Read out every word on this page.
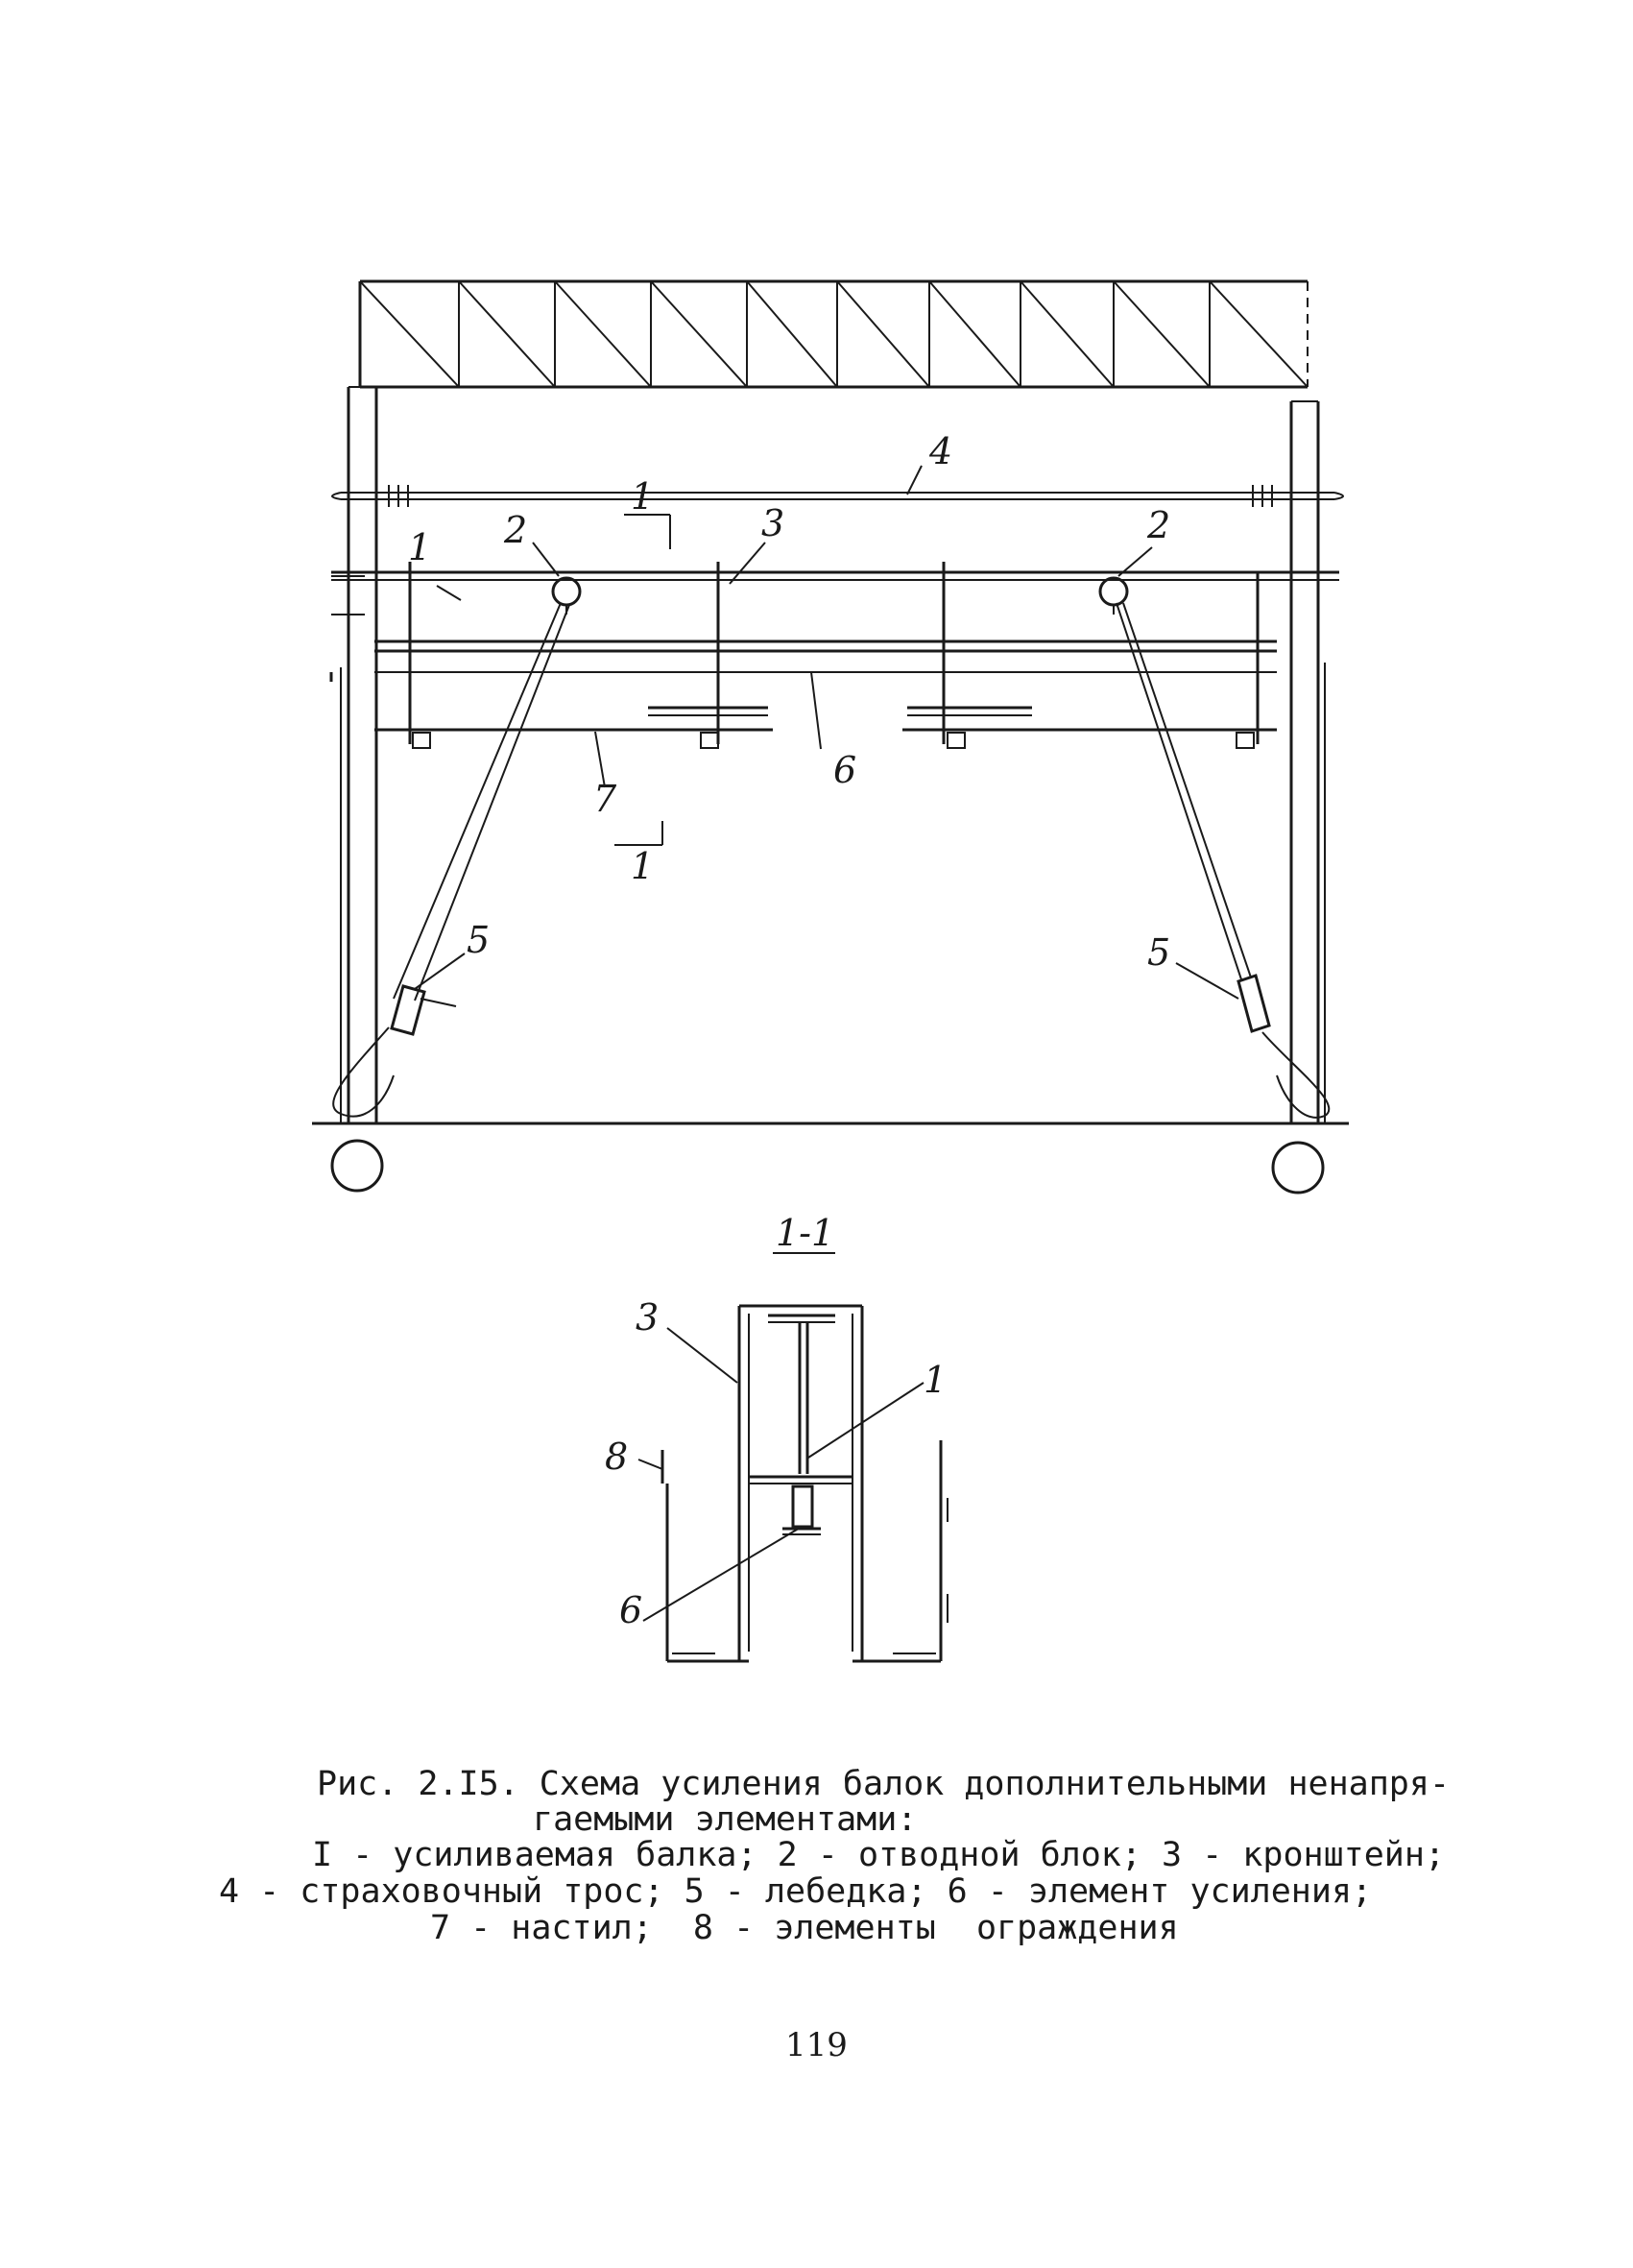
4
1 2	3	2
6
7
5	5
1
1
1-1
3
1
8
6
Рис. 2.I5. Схема усиления балок дополнительными ненапря-
гаемыми элементами:
I - усиливаемая балка; 2 - отводной блок; 3 - кронштейн;
4 - страховочный трос; 5 - лебедка; 6 - элемент усиления;
7 - настил;  8 - элементы  ограждения
119
